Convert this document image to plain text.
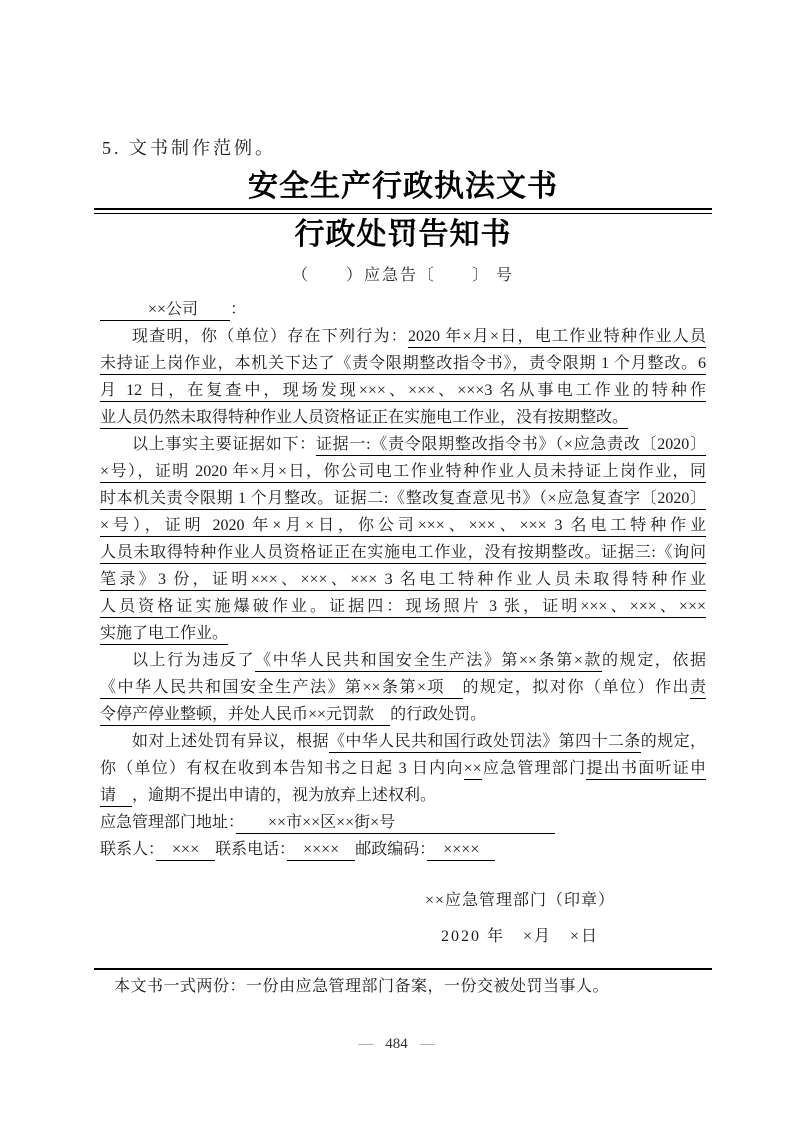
5. 文书制作范例。
安全生产行政执法文书
行政处罚告知书
（　　）应急告〔　　〕 号
　　　××公司　　：
现查明，你（单位）存在下列行为：2020 年×月×日，电工作业特种作业人员
未持证上岗作业，本机关下达了《责令限期整改指令书》，责令限期 1 个月整改。6
月 12 日，在复查中，现场发现×××、×××、×××3 名从事电工作业的特种作
业人员仍然未取得特种作业人员资格证正在实施电工作业，没有按期整改。
以上事实主要证据如下：证据一:《责令限期整改指令书》（×应急责改〔2020〕
×号），证明 2020 年×月×日，你公司电工作业特种作业人员未持证上岗作业，同
时本机关责令限期 1 个月整改。证据二:《整改复查意见书》（×应急复查字〔2020〕
×号），证明 2020 年×月×日，你公司×××、×××、××× 3 名电工特种作业
人员未取得特种作业人员资格证正在实施电工作业，没有按期整改。证据三:《询问
笔录》3 份，证明×××、×××、××× 3 名电工特种作业人员未取得特种作业
人员资格证实施爆破作业。证据四：现场照片 3 张，证明×××、×××、×××
实施了电工作业。
以上行为违反了《中华人民共和国安全生产法》第××条第×款的规定，依据
《中华人民共和国安全生产法》第××条第×项　的规定，拟对你（单位）作出责
令停产停业整顿，并处人民币××元罚款　的行政处罚。
如对上述处罚有异议，根据《中华人民共和国行政处罚法》第四十二条的规定，
你（单位）有权在收到本告知书之日起 3 日内向××应急管理部门提出书面听证申
请　，逾期不提出申请的，视为放弃上述权利。
应急管理部门地址：　　××市××区××街×号　　　　　　　　　　
联系人：　×××　联系电话：　××××　邮政编码：　××××　
××应急管理部门（印章）
2020 年　×月　×日
本文书一式两份：一份由应急管理部门备案，一份交被处罚当事人。
— 484 —
